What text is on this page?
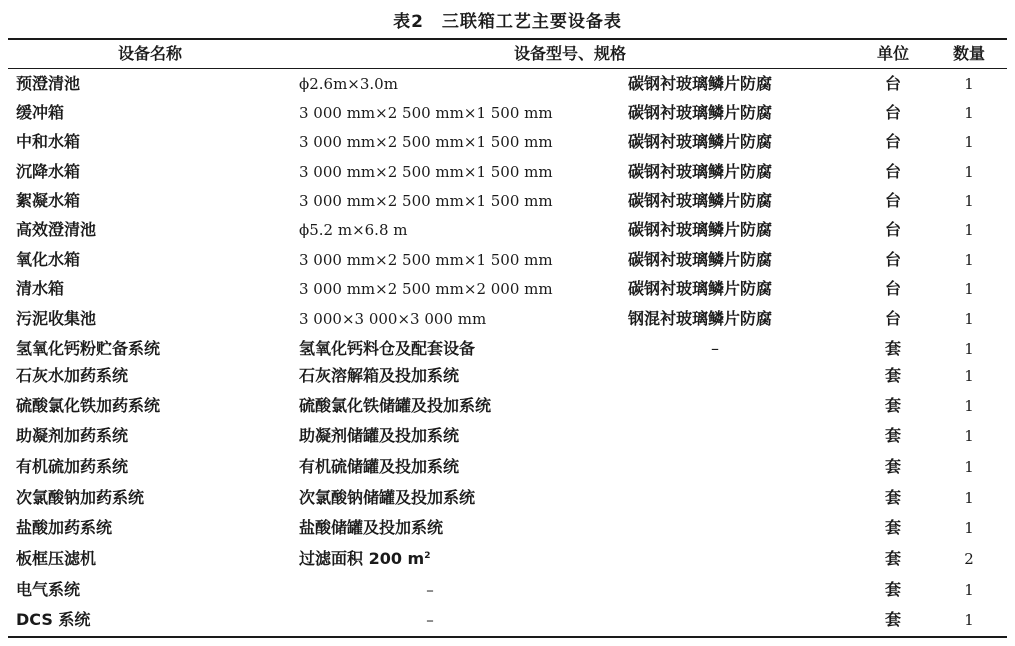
表2　三联箱工艺主要设备表
设备名称	设备型号、规格	单位	数量
预澄清池	ϕ2.6m×3.0m	碳钢衬玻璃鳞片防腐	台	1
缓冲箱	3 000 mm×2 500 mm×1 500 mm	碳钢衬玻璃鳞片防腐	台	1
中和水箱	3 000 mm×2 500 mm×1 500 mm	碳钢衬玻璃鳞片防腐	台	1
沉降水箱	3 000 mm×2 500 mm×1 500 mm	碳钢衬玻璃鳞片防腐	台	1
絮凝水箱	3 000 mm×2 500 mm×1 500 mm	碳钢衬玻璃鳞片防腐	台	1
高效澄清池	ϕ5.2 m×6.8 m	碳钢衬玻璃鳞片防腐	台	1
氧化水箱	3 000 mm×2 500 mm×1 500 mm	碳钢衬玻璃鳞片防腐	台	1
清水箱	3 000 mm×2 500 mm×2 000 mm	碳钢衬玻璃鳞片防腐	台	1
污泥收集池	3 000×3 000×3 000 mm	钢混衬玻璃鳞片防腐	台	1
氢氧化钙粉贮备系统	氢氧化钙料仓及配套设备	–	套	1
石灰水加药系统	石灰溶解箱及投加系统	套	1
硫酸氯化铁加药系统	硫酸氯化铁储罐及投加系统	套	1
助凝剂加药系统	助凝剂储罐及投加系统	套	1
有机硫加药系统	有机硫储罐及投加系统	套	1
次氯酸钠加药系统	次氯酸钠储罐及投加系统	套	1
盐酸加药系统	盐酸储罐及投加系统	套	1
板框压滤机	过滤面积 200 $m^2$	套	2
电气系统	–	套	1
DCS 系统	–	套	1
